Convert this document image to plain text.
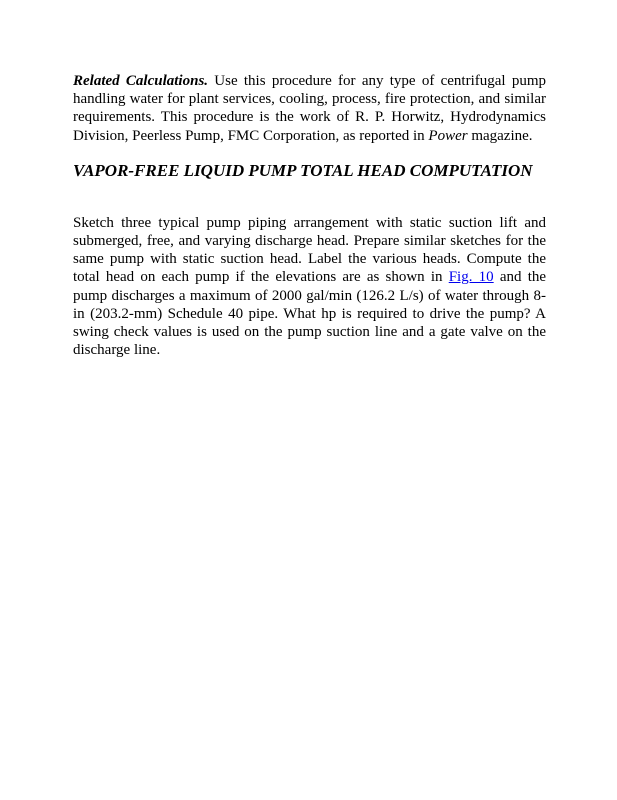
Related Calculations. Use this procedure for any type of centrifugal pump handling water for plant services, cooling, process, fire protection, and similar requirements. This procedure is the work of R. P. Horwitz, Hydrodynamics Division, Peerless Pump, FMC Corporation, as reported in Power magazine.

VAPOR-FREE LIQUID PUMP TOTAL HEAD COMPUTATION

Sketch three typical pump piping arrangement with static suction lift and submerged, free, and varying discharge head. Prepare similar sketches for the same pump with static suction head. Label the various heads. Compute the total head on each pump if the elevations are as shown in Fig. 10 and the pump discharges a maximum of 2000 gal/min (126.2 L/s) of water through 8-in (203.2-mm) Schedule 40 pipe. What hp is required to drive the pump? A swing check values is used on the pump suction line and a gate valve on the discharge line.
